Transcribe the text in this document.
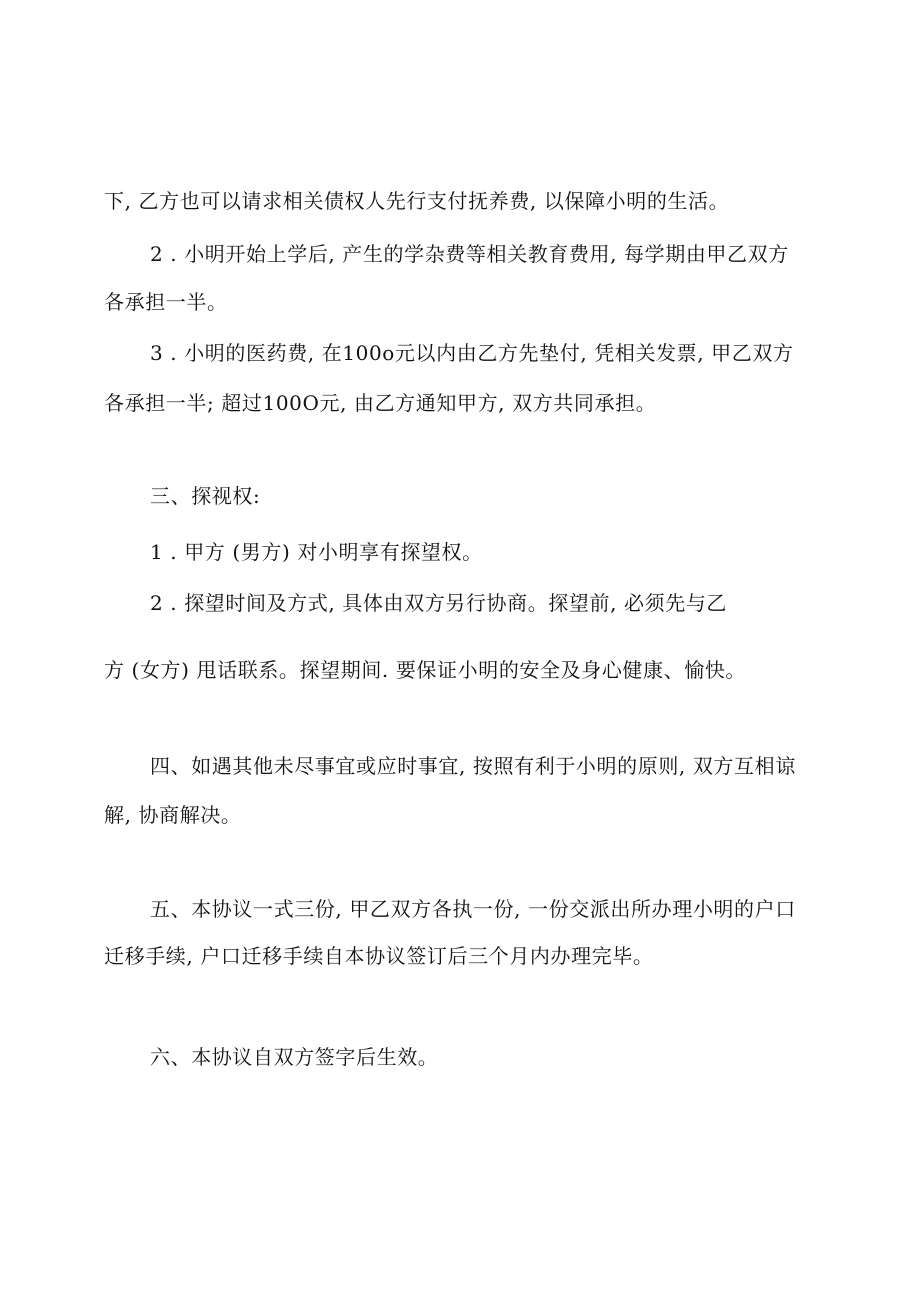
下, 乙方也可以请求相关债权人先行支付抚养费, 以保障小明的生活。
2 . 小明开始上学后, 产生的学杂费等相关教育费用, 每学期由甲乙双方
各承担一半。
3 . 小明的医药费, 在100o元以内由乙方先垫付, 凭相关发票, 甲乙双方
各承担一半; 超过100O元, 由乙方通知甲方, 双方共同承担。
三、探视权:
1 . 甲方 (男方) 对小明享有探望权。
2 . 探望时间及方式, 具体由双方另行协商。探望前, 必须先与乙
方 (女方) 甩话联系。探望期间. 要保证小明的安全及身心健康、愉快。
四、如遇其他未尽事宜或应时事宜, 按照有利于小明的原则, 双方互相谅
解, 协商解决。
五、本协议一式三份, 甲乙双方各执一份, 一份交派出所办理小明的户口
迁移手续, 户口迁移手续自本协议签订后三个月内办理完毕。
六、本协议自双方签字后生效。
